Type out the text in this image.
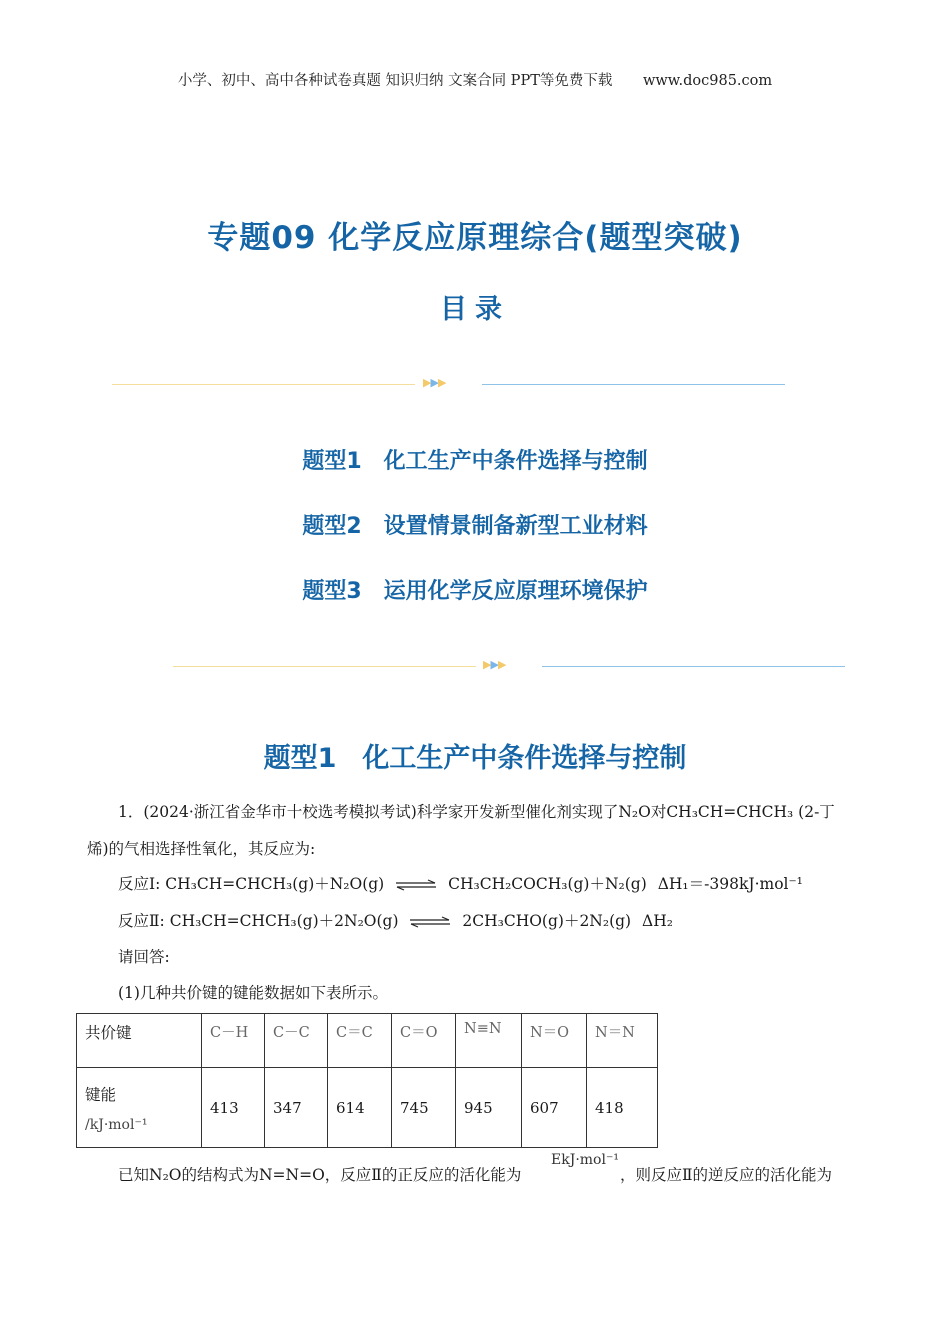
小学、初中、高中各种试卷真题 知识归纳 文案合同 PPT等免费下载 www.doc985.com
专题09 化学反应原理综合(题型突破)
目录
▶▶▶
题型1 化工生产中条件选择与控制
题型2 设置情景制备新型工业材料
题型3 运用化学反应原理环境保护
▶▶▶
题型1 化工生产中条件选择与控制
1．(2024·浙江省金华市十校选考模拟考试)科学家开发新型催化剂实现了N₂O对CH₃CH=CHCH₃ (2-丁
烯)的气相选择性氧化，其反应为:
反应Ⅰ: CH₃CH=CHCH₃(g)＋N₂O(g) ⇌ CH₃CH₂COCH₃(g)＋N₂(g) ΔH₁＝-398kJ·mol⁻¹
反应Ⅱ: CH₃CH=CHCH₃(g)＋2N₂O(g) ⇌ 2CH₃CHO(g)＋2N₂(g) ΔH₂
请回答:
(1)几种共价键的键能数据如下表所示。
共价键	C－H	C－C	C＝C	C＝O	N≡N	N＝O	N＝N

键能
/kJ·mol⁻¹	413	347	614	745	945	607	418
EkJ·mol⁻¹
已知N₂O的结构式为N=N=O，反应Ⅱ的正反应的活化能为	，则反应Ⅱ的逆反应的活化能为
